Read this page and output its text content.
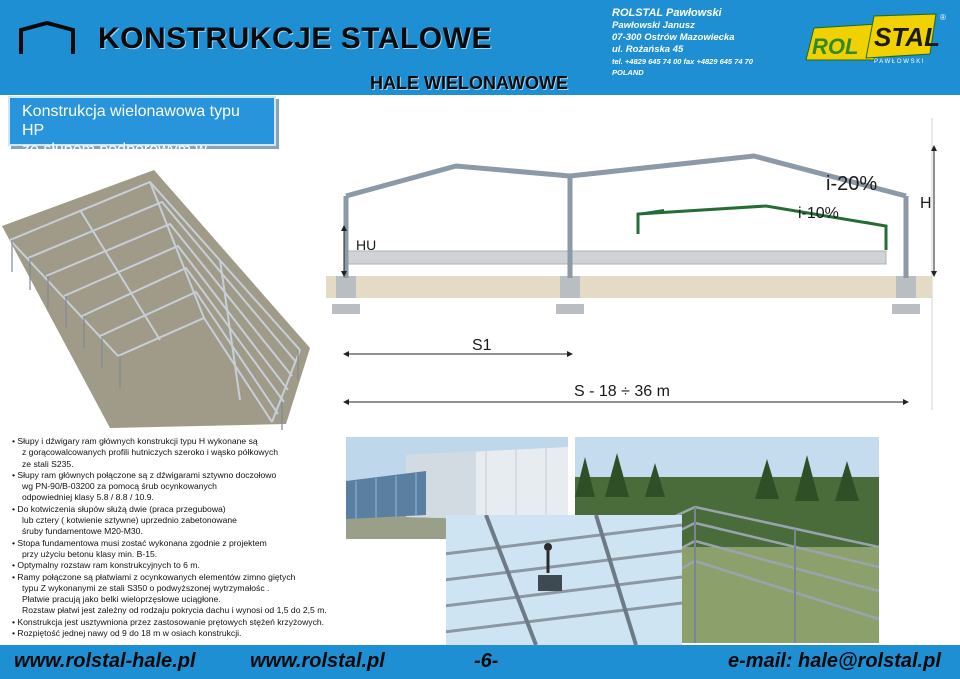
KONSTRUKCJE STALOWE
ROLSTAL Pawłowski
Pawłowski Janusz
07-300 Ostrów Mazowiecka
ul. Rożańska 45
tel. +4829 645 74 00 fax +4829 645 74 70
POLAND
ROL STAL
P A W Ł O W S K I
®
HALE WIELONAWOWE
Konstrukcja wielonawowa typu HP
ze słupem podporowym w kalenicy
i-20%
i-10%
H
HU
S1
S - 18 ÷ 36 m
• Słupy i dźwigary ram głównych konstrukcji typu H wykonane są
z gorącowalcowanych profili hutniczych szeroko i wąsko półkowych
ze stali S235.
• Słupy ram głównych połączone są z dźwigarami sztywno doczołowo
wg PN-90/B-03200 za pomocą śrub ocynkowanych
odpowiedniej klasy 5.8 / 8.8 / 10.9.
• Do kotwiczenia słupów służą dwie (praca przegubowa)
lub cztery ( kotwienie sztywne) uprzednio zabetonowane
śruby fundamentowe M20-M30.
• Stopa fundamentowa musi zostać wykonana zgodnie z projektem
przy użyciu betonu klasy min. B-15.
• Optymalny rozstaw ram konstrukcyjnych to 6 m.
• Ramy połączone są płatwiami z ocynkowanych elementów zimno giętych
typu Z wykonanymi ze stali S350 o podwyższonej wytrzymałośc .
Płatwie pracują jako belki wieloprzęsłowe uciągłone.
Rozstaw płatwi jest zależny od rodzaju pokrycia dachu i wynosi od 1,5 do 2,5 m.
• Konstrukcja jest usztywniona przez zastosowanie prętowych stężeń krzyżowych.
• Rozpiętość jednej nawy od 9 do 18 m w osiach konstrukcji.
www.rolstal-hale.pl	www.rolstal.pl	-6-	e-mail: hale@rolstal.pl
